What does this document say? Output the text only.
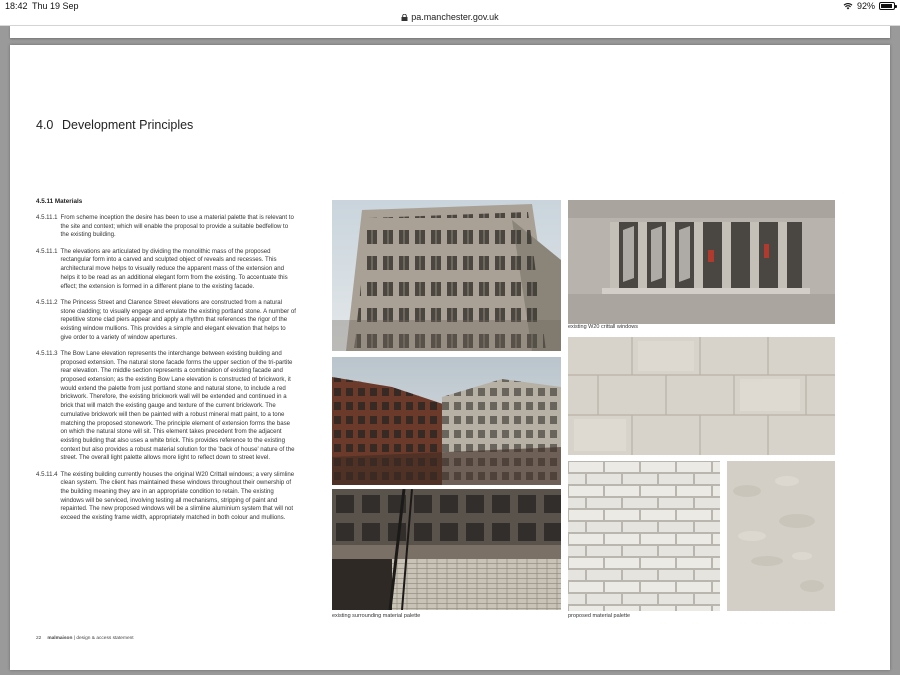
18:42 Thu 19 Sep	92%
pa.manchester.gov.uk
4.0 Development Principles
4.5.11 Materials
4.5.11.1 From scheme inception the desire has been to use a material palette that is relevant to the site and context; which will enable the proposal to provide a suitable bedfellow to the existing building.
4.5.11.1 The elevations are articulated by dividing the monolithic mass of the proposed rectangular form into a carved and sculpted object of reveals and recesses. This architectural move helps to visually reduce the apparent mass of the extension and helps it to be read as an additional elegant form from the existing. To accentuate this effect; the extension is formed in a different plane to the existing facade.
4.5.11.2 The Princess Street and Clarence Street elevations are constructed from a natural stone cladding; to visually engage and emulate the existing portland stone. A number of repetitive stone clad piers appear and apply a rhythm that references the rigor of the existing window mullions. This provides a simple and elegant elevation that helps to give order to a variety of window apertures.
4.5.11.3 The Bow Lane elevation represents the interchange between existing building and proposed extension. The natural stone facade forms the upper section of the tri-partite rear elevation. The middle section represents a combination of existing facade and proposed extension; as the existing Bow Lane elevation is constructed of brickwork, it would extend the palette from just portland stone and natural stone, to include a red brickwork. Therefore, the existing brickwork wall will be extended and continued in a brick that will match the existing gauge and texture of the current brickwork. The cumulative brickwork will then be painted with a robust mineral matt paint, to a tone matching the proposed stonework. The principle element of extension forms the base on which the natural stone will sit. This element takes precedent from the adjacent existing building that also uses a white brick. This provides reference to the existing context but also provides a robust material solution for the 'back of house' nature of the street. The overall light palette allows more light to reflect down to street level.
4.5.11.4 The existing building currently houses the original W20 Crittall windows; a very slimline clean system. The client has maintained these windows throughout their ownership of the building meaning they are in an appropriate condition to retain. The existing windows will be serviced, involving testing all mechanisms, stripping of paint and repainted. The new proposed windows will be a slimline aluminium system that will not exceed the existing frame width, appropriately matched in both colour and mullions.
existing W20 crittall windows
existing surrounding material palette	proposed material palette
22 malmaison | design & access statement
